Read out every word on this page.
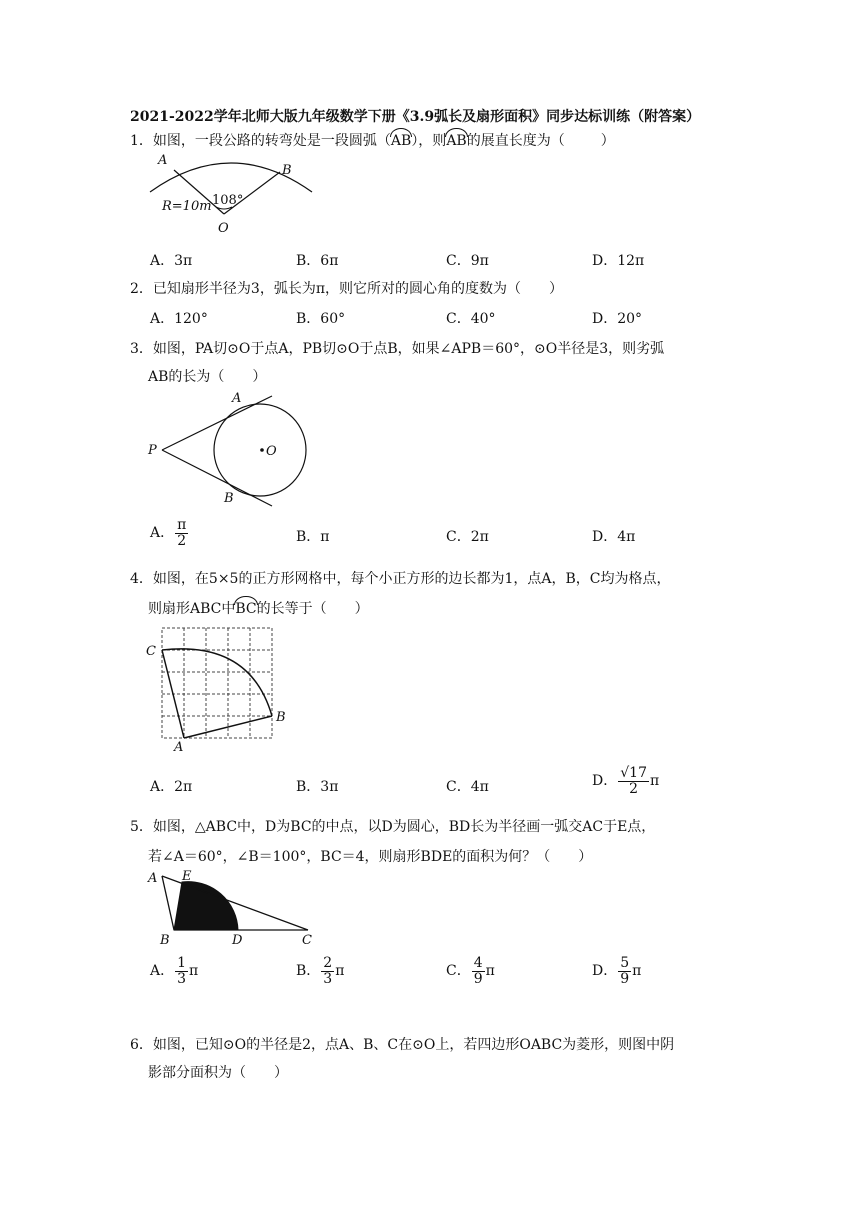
2021-2022学年北师大版九年级数学下册《3.9弧长及扇形面积》同步达标训练（附答案）
1．如图，一段公路的转弯处是一段圆弧（AB），则AB的展直长度为（	）
A
B
O
108°
R=10m
A．3π	B．6π	C．9π	D．12π
2．已知扇形半径为3，弧长为π，则它所对的圆心角的度数为（　　）
A．120°	B．60°	C．40°	D．20°
3．如图，PA切⊙O于点A，PB切⊙O于点B，如果∠APB＝60°，⊙O半径是3，则劣弧
AB的长为（　　）
P
A
B
O
A． $\frac{\pi}{2}$	B．π	C．2π	D．4π
4．如图，在5×5的正方形网格中，每个小正方形的边长都为1，点A，B，C均为格点，
则扇形ABC中BC的长等于（　　）
C
B
A
A．2π	B．3π	C．4π	D． $\frac{√17}{2}$ π
5．如图，△ABC中，D为BC的中点，以D为圆心，BD长为半径画一弧交AC于E点，
若∠A＝60°，∠B＝100°，BC＝4，则扇形BDE的面积为何？（　　）
A E
B	D	C
A． $\frac{1}{3}$ π	B． $\frac{2}{3}$ π	C． $\frac{4}{9}$ π	D． $\frac{5}{9}$ π
6．如图，已知⊙O的半径是2，点A、B、C在⊙O上，若四边形OABC为菱形，则图中阴
影部分面积为（　　）
